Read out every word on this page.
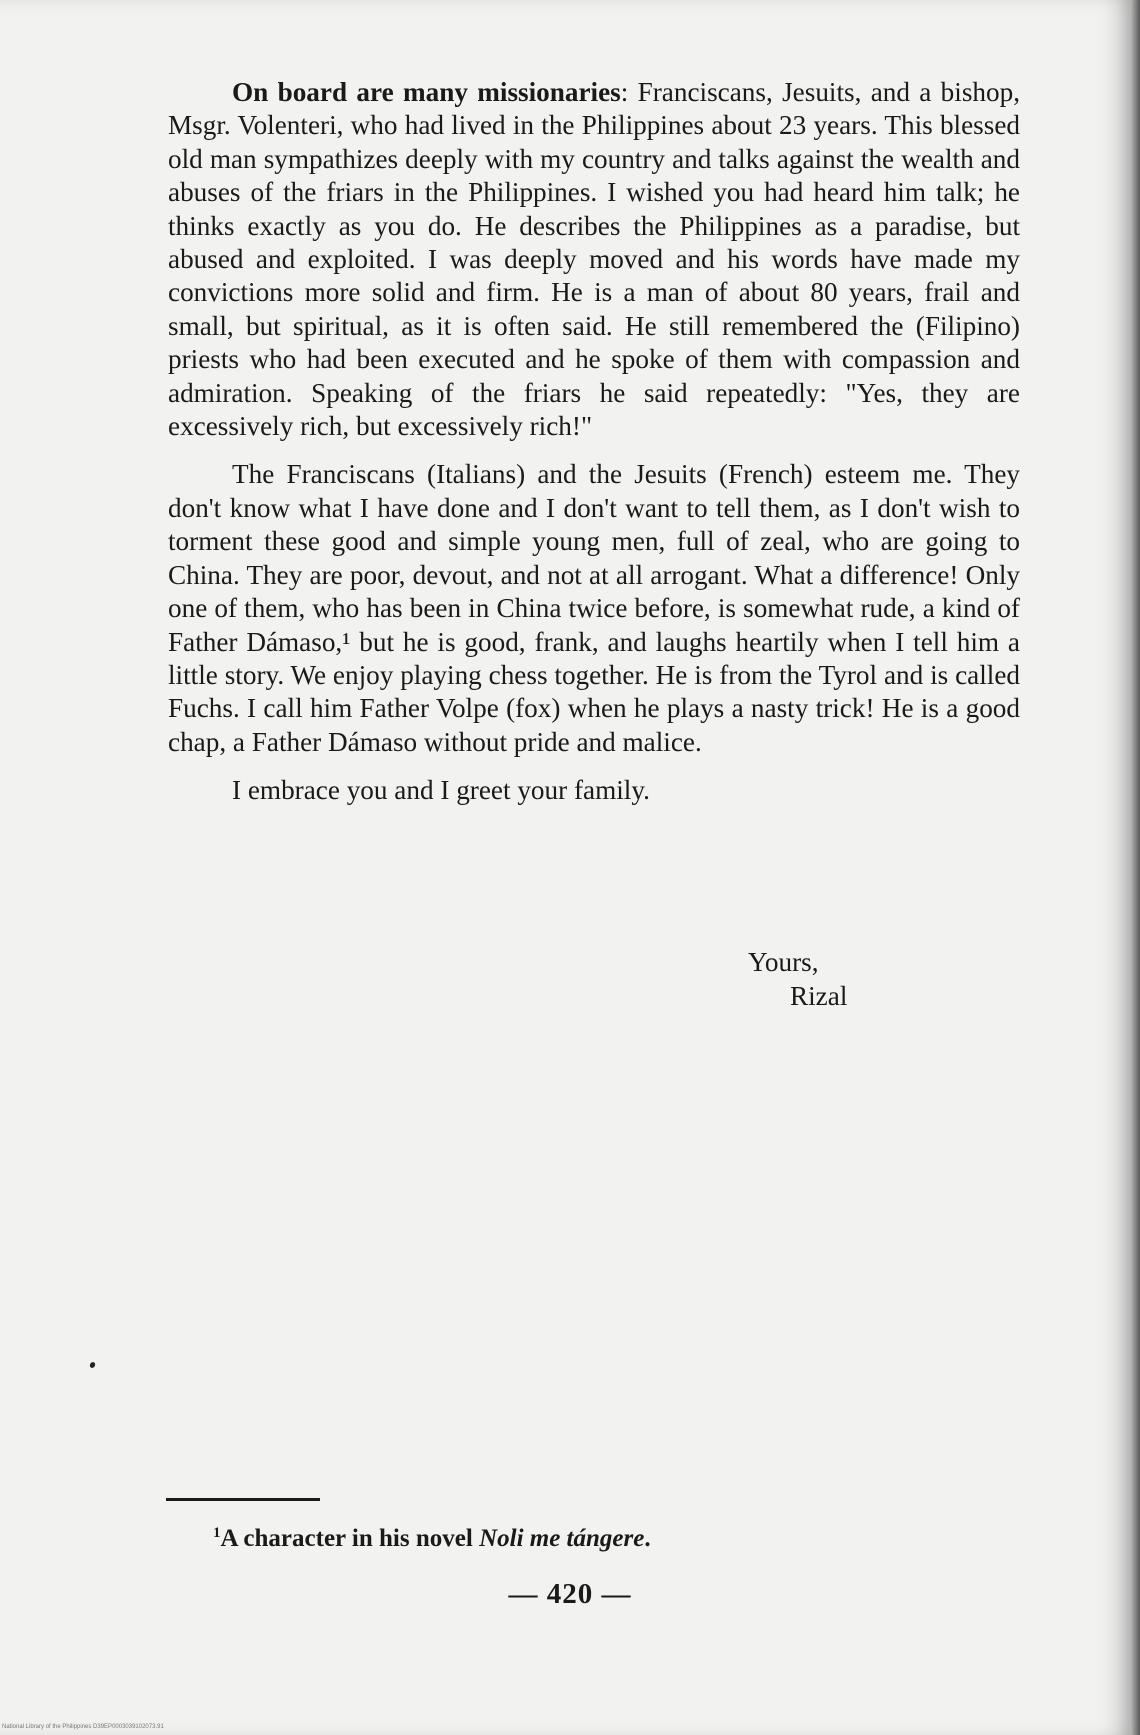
On board are many missionaries: Franciscans, Jesuits, and a bishop, Msgr. Volenteri, who had lived in the Philippines about 23 years. This blessed old man sympathizes deeply with my country and talks against the wealth and abuses of the friars in the Philippines. I wished you had heard him talk; he thinks exactly as you do. He describes the Philippines as a paradise, but abused and exploited. I was deeply moved and his words have made my convictions more solid and firm. He is a man of about 80 years, frail and small, but spiritual, as it is often said. He still remembered the (Filipino) priests who had been executed and he spoke of them with compassion and admiration. Speaking of the friars he said repeatedly: "Yes, they are excessively rich, but excessively rich!"

The Franciscans (Italians) and the Jesuits (French) esteem me. They don't know what I have done and I don't want to tell them, as I don't wish to torment these good and simple young men, full of zeal, who are going to China. They are poor, devout, and not at all arrogant. What a difference! Only one of them, who has been in China twice before, is somewhat rude, a kind of Father Dámaso,¹ but he is good, frank, and laughs heartily when I tell him a little story. We enjoy playing chess together. He is from the Tyrol and is called Fuchs. I call him Father Volpe (fox) when he plays a nasty trick! He is a good chap, a Father Dámaso without pride and malice.

I embrace you and I greet your family.

Yours,
Rizal
$^1$A character in his novel Noli me tángere.
— 420 —
National Library of the Philippines D39EP0003039102073.91
